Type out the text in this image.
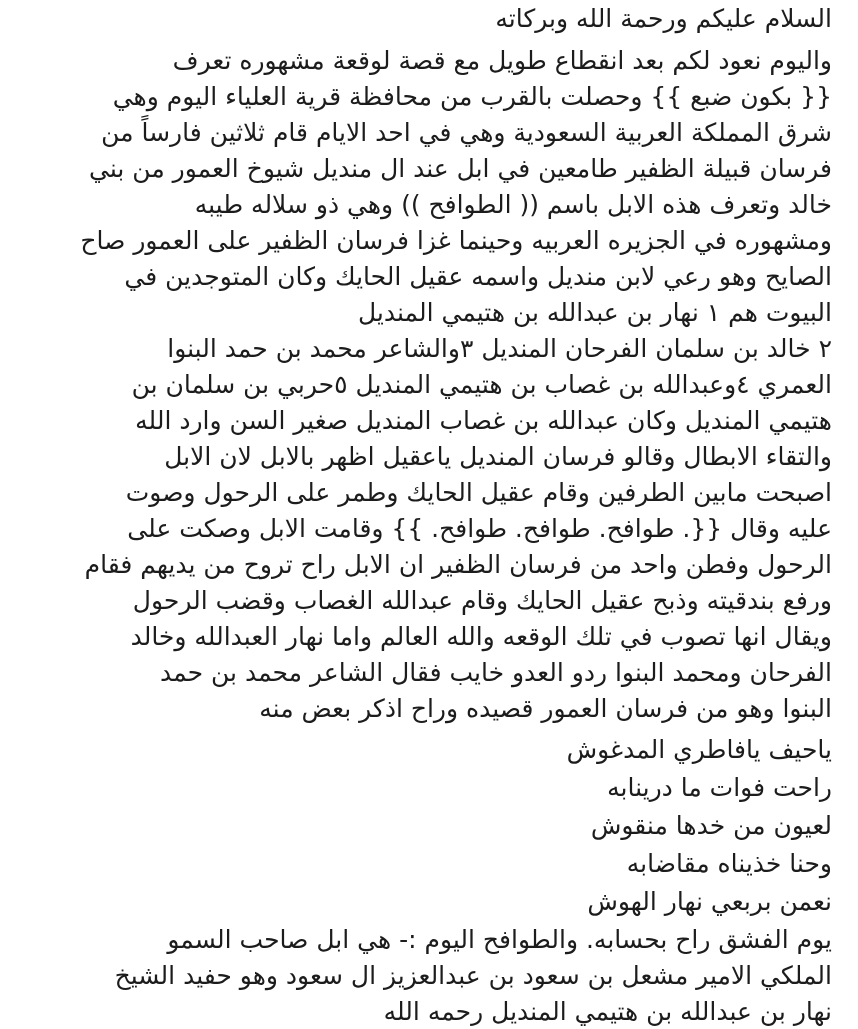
السلام عليكم ورحمة الله وبركاته
واليوم نعود لكم بعد انقطاع طويل مع قصة لوقعة مشهوره تعرف
{{ بكون ضبع }} وحصلت بالقرب من محافظة قرية العلياء اليوم وهي
شرق المملكة العربية السعودية وهي في احد الايام قام ثلاثين فارساً من
فرسان قبيلة الظفير طامعين في ابل عند ال منديل شيوخ العمور من بني
خالد وتعرف هذه الابل باسم (( الطوافح )) وهي ذو سلاله طيبه
ومشهوره في الجزيره العربيه وحينما غزا فرسان الظفير على العمور صاح
الصايح وهو رعي لابن منديل واسمه عقيل الحايك وكان المتوجدين في
البيوت هم ١ نهار بن عبدالله بن هتيمي المنديل
٢ خالد بن سلمان الفرحان المنديل ٣والشاعر محمد بن حمد البنوا
العمري ٤وعبدالله بن غصاب بن هتيمي المنديل ٥حربي بن سلمان بن
هتيمي المنديل وكان عبدالله بن غصاب المنديل صغير السن وارد الله
والتقاء الابطال وقالو فرسان المنديل ياعقيل اظهر بالابل لان الابل
اصبحت مابين الطرفين وقام عقيل الحايك وطمر على الرحول وصوت
عليه وقال {{. طوافح. طوافح. طوافح. }} وقامت الابل وصكت على
الرحول وفطن واحد من فرسان الظفير ان الابل راح تروح من يديهم فقام
ورفع بندقيته وذبح عقيل الحايك وقام عبدالله الغصاب وقضب الرحول
ويقال انها تصوب في تلك الوقعه والله العالم واما نهار العبدالله وخالد
الفرحان ومحمد البنوا ردو العدو خايب فقال الشاعر محمد بن حمد
البنوا وهو من فرسان العمور قصيده وراح اذكر بعض منه
ياحيف يافاطري المدغوش
راحت فوات ما درينابه
لعيون من خدها منقوش
وحنا خذيناه مقاضابه
نعمن بربعي نهار الهوش
يوم الفشق راح بحسابه. والطوافح اليوم :- هي ابل صاحب السمو
الملكي الامير مشعل بن سعود بن عبدالعزيز ال سعود وهو حفيد الشيخ
نهار بن عبدالله بن هتيمي المنديل رحمه الله
